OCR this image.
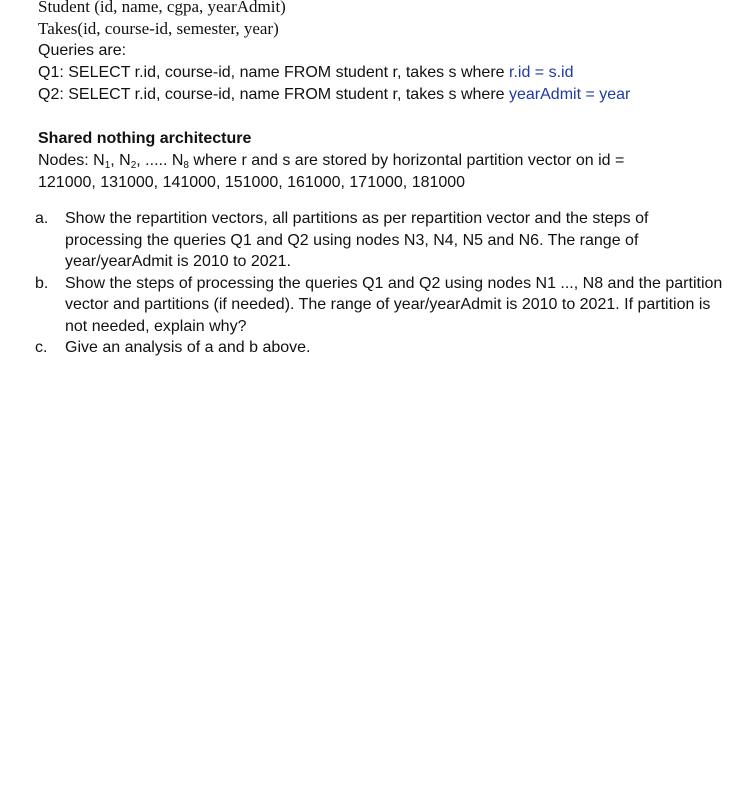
Student (id, name, cgpa, yearAdmit)
Takes(id, course-id, semester, year)
Queries are:
Q1: SELECT r.id, course-id, name FROM student r, takes s where r.id = s.id
Q2: SELECT r.id, course-id, name FROM student r, takes s where yearAdmit = year
Shared nothing architecture
Nodes: $N_1$, $N_2$, ..... $N_8$ where r and s are stored by horizontal partition vector on id =
121000, 131000, 141000, 151000, 161000, 171000, 181000
a. Show the repartition vectors, all partitions as per repartition vector and the steps of processing the queries Q1 and Q2 using nodes N3, N4, N5 and N6. The range of year/yearAdmit is 2010 to 2021.
b. Show the steps of processing the queries Q1 and Q2 using nodes N1 ..., N8 and the partition vector and partitions (if needed). The range of year/yearAdmit is 2010 to 2021. If partition is not needed, explain why?
c. Give an analysis of a and b above.
